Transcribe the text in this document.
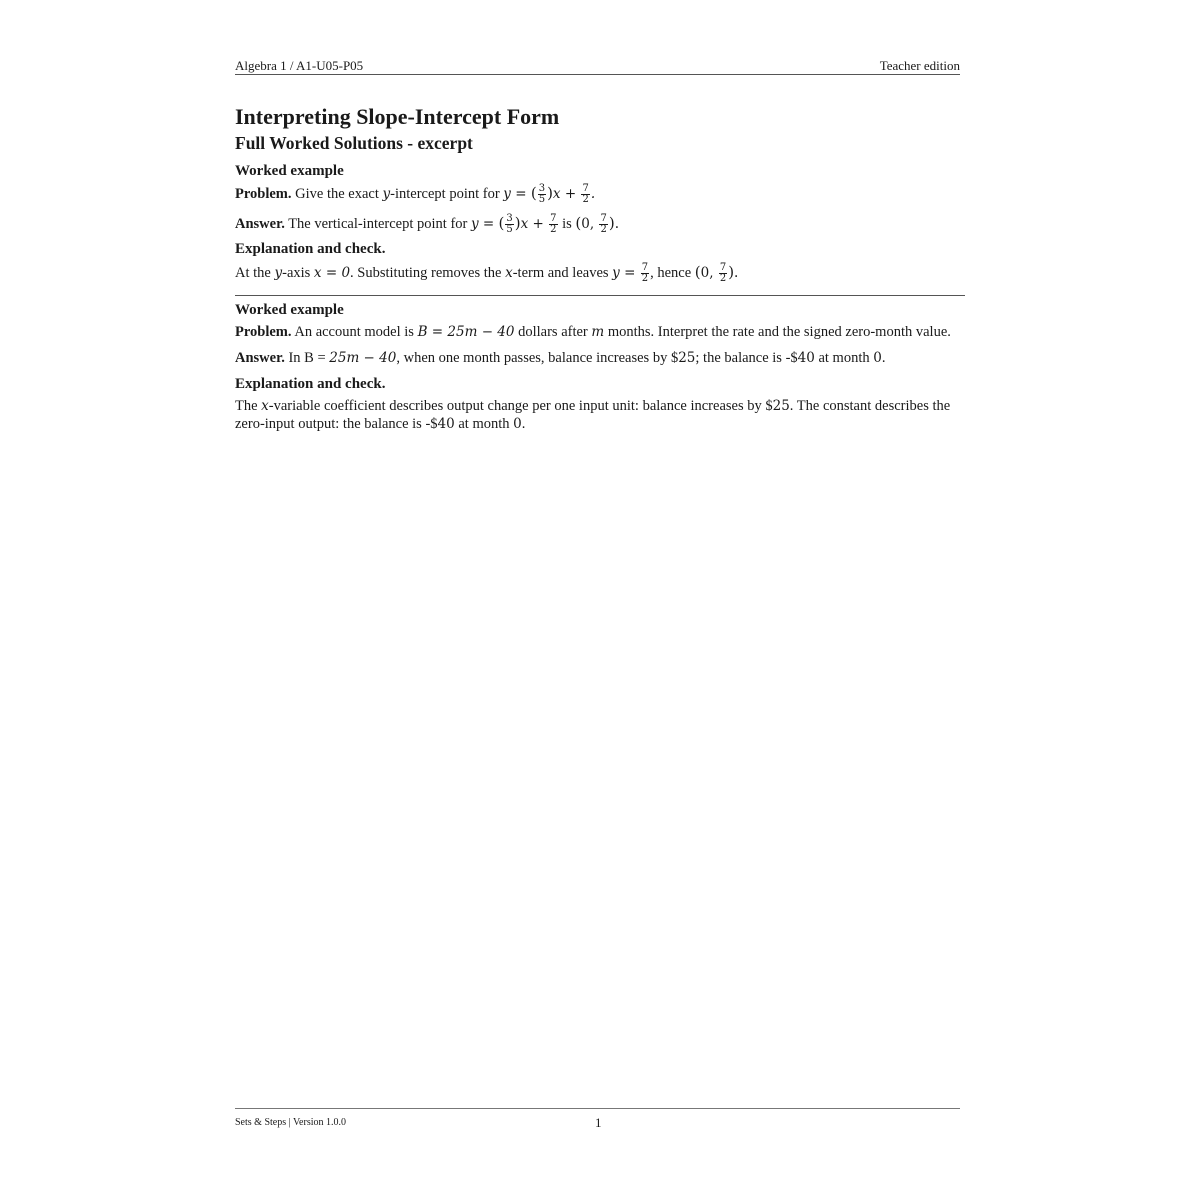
Algebra 1 / A1-U05-P05	Teacher edition
Interpreting Slope-Intercept Form
Full Worked Solutions - excerpt
Worked example
Problem. Give the exact y-intercept point for y = ( $\frac{3}{5} )x + \frac{7}{2}$ .
Answer. The vertical-intercept point for y = ( $\frac{3}{5} )x + \frac{7}{2}$ is (0, $\frac{7}{2}$ ).
Explanation and check.
At the y-axis x = 0. Substituting removes the x-term and leaves $y = \frac{7}{2}$ , hence (0, $\frac{7}{2}$ ).
Worked example
Problem. An account model is B = 25m − 40 dollars after m months. Interpret the rate and the signed zero-month value.
Answer. In B = 25m − 40, when one month passes, balance increases by $25; the balance is -$40 at month 0.
Explanation and check.
The x-variable coefficient describes output change per one input unit: balance increases by $25. The constant describes the zero-input output: the balance is -$40 at month 0.
Sets & Steps | Version 1.0.0	1
